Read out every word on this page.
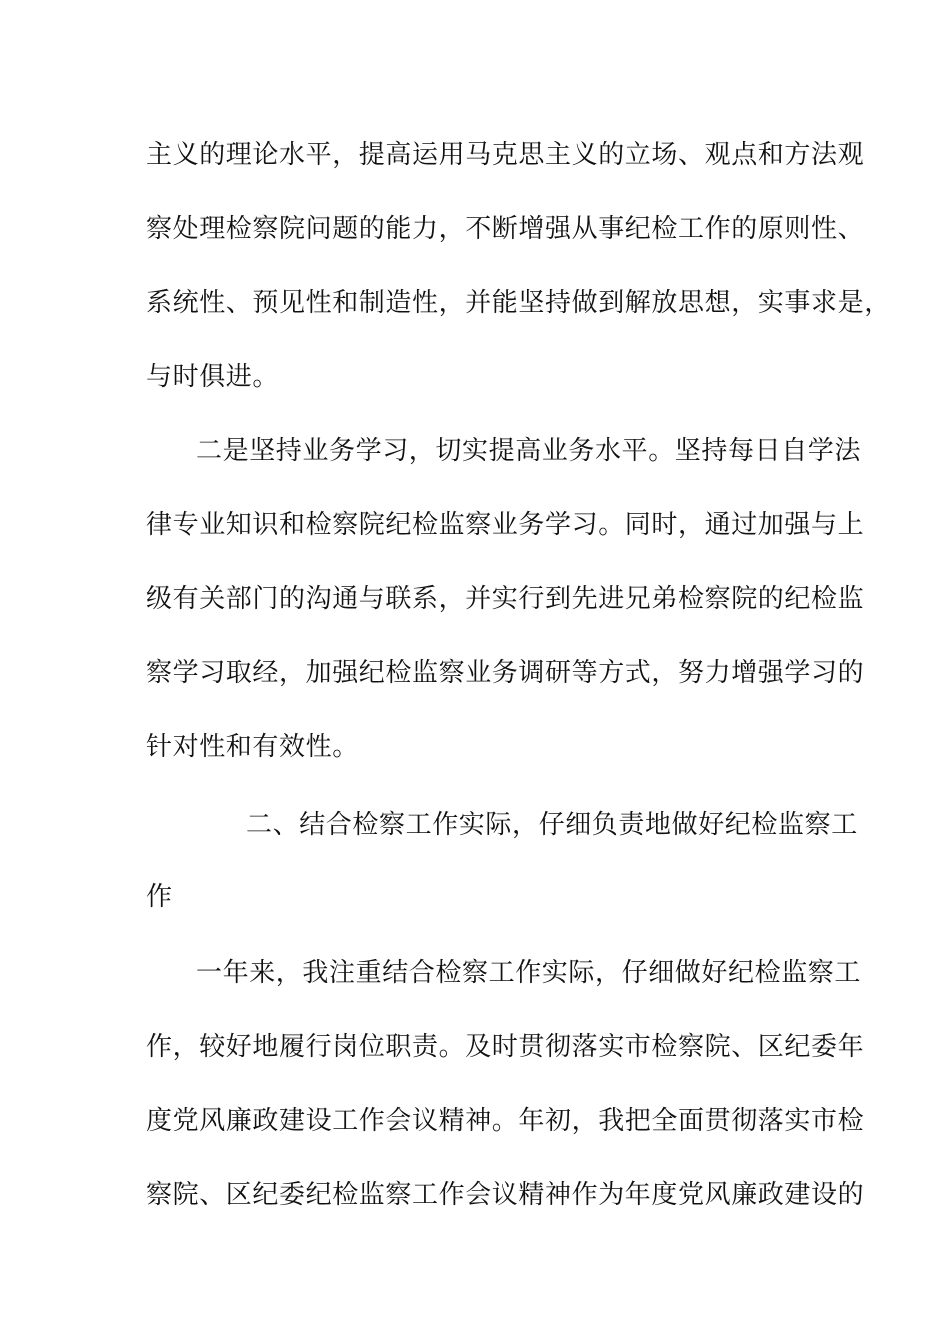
主义的理论水平，提高运用马克思主义的立场、观点和方法观
察处理检察院问题的能力，不断增强从事纪检工作的原则性、
系统性、预见性和制造性，并能坚持做到解放思想，实事求是，
与时俱进。
二是坚持业务学习，切实提高业务水平。坚持每日自学法
律专业知识和检察院纪检监察业务学习。同时，通过加强与上
级有关部门的沟通与联系，并实行到先进兄弟检察院的纪检监
察学习取经，加强纪检监察业务调研等方式，努力增强学习的
针对性和有效性。
二、结合检察工作实际，仔细负责地做好纪检监察工
作
一年来，我注重结合检察工作实际，仔细做好纪检监察工
作，较好地履行岗位职责。及时贯彻落实市检察院、区纪委年
度党风廉政建设工作会议精神。年初，我把全面贯彻落实市检
察院、区纪委纪检监察工作会议精神作为年度党风廉政建设的
